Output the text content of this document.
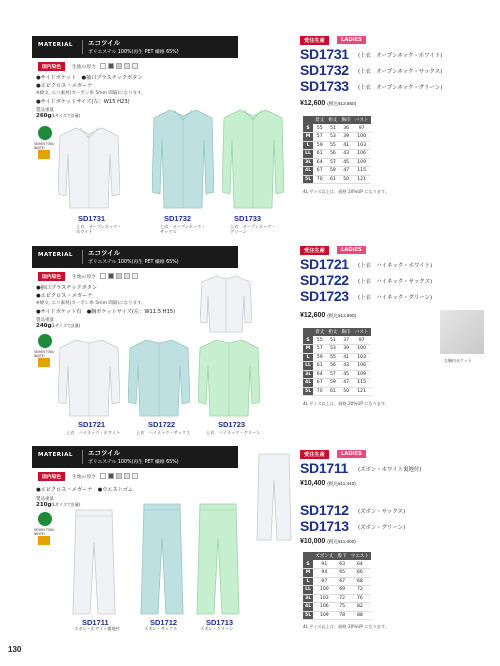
MATERIAL エコツイル
ポリエステル 100%(再生 PET 繊維 65%)
国内染色	生地の厚さ
●サイドポケット　●抽口プラスチックボタン
●エピクロス・メガーナ
※綾文, エコ素材(カーボン糸 5mm 間隔)になります。
●サイドポケットサイズ(左：W15 H23)
製品重量
260g(Lサイズで計量)
SEIHIN TOKU NINTEI
SD1731
上衣　オープンネック・
ホワイト
SD1732
上衣　オープンネック・
サックス
SD1733
上衣　オープンネック・
グリーン
受注生産	LADIES
SD1731 (上衣　オープンネック・ホワイト)
SD1732 (上衣　オープンネック・サックス)
SD1733 (上衣　オープンネック・グリーン)
¥12,600 (税込¥13,860)
	着丈	桁丈	胸巾	バスト
S	55	51	36	97
M	57	53	39	100
L	59	55	41	103
LL	61	56	43	106
3L	64	57	45	109
4L	67	59	47	115
5L	70	61	50	121
4L サイズ以上は、価格 20%UP になります。
MATERIAL エコツイル
ポリエステル 100%(再生 PET 繊維 65%)
国内染色	生地の厚さ
●抽口プラスチックボタン
●エピクロス・メガーナ
※綾文, エコ素材(カーボン糸 5mm 間隔)になります。
●サイドポケット有　●胸ポケットサイズ(左：W11.5 H15)
製品重量
240g(Lサイズで計量)
SEIHIN TOKU NINTEI
SD1721
上衣　ハイネック・ホワイト
SD1722
上衣　ハイネック・サックス
SD1723
上衣　ハイネック・グリーン
受注生産	LADIES
SD1721 (上衣　ハイネック・ホワイト)
SD1722 (上衣　ハイネック・サックス)
SD1723 (上衣　ハイネック・グリーン)
¥12,600 (税込¥13,860)
	着丈	桁丈	胸巾	バスト
S	55	51	37	97
M	57	53	39	100
L	59	55	41	103
LL	61	56	43	106
3L	64	57	45	109
4L	67	59	47	115
5L	70	61	50	121
4L サイズ以上は、価格 20%UP になります。
左胸内ポケット
MATERIAL エコツイル
ポリエステル 100%(再生 PET 繊維 65%)
国内染色	生地の厚さ
●エピクロス・メガーナ　●ウエストゴム
製品重量
210g(Lサイズで計量)
SEIHIN TOKU NINTEI
SD1711
ズボン・ホワイト裏地付
SD1712
ズボン・サックス
SD1713
ズボン・グリーン
受注生産	LADIES
SD1711 (ズボン・ホワイト裏地付)
¥10,400 (税込¥11,440)
SD1712 (ズボン・サックス)
SD1713 (ズボン・グリーン)
¥10,000 (税込¥11,000)
	ズボン丈	股下	ウエスト
S	91	63	64
M	94	65	66
L	97	67	68
LL	100	69	72
3L	103	72	76
4L	106	75	82
5L	109	78	88
4L サイズ以上は、価格 20%UP になります。
130
